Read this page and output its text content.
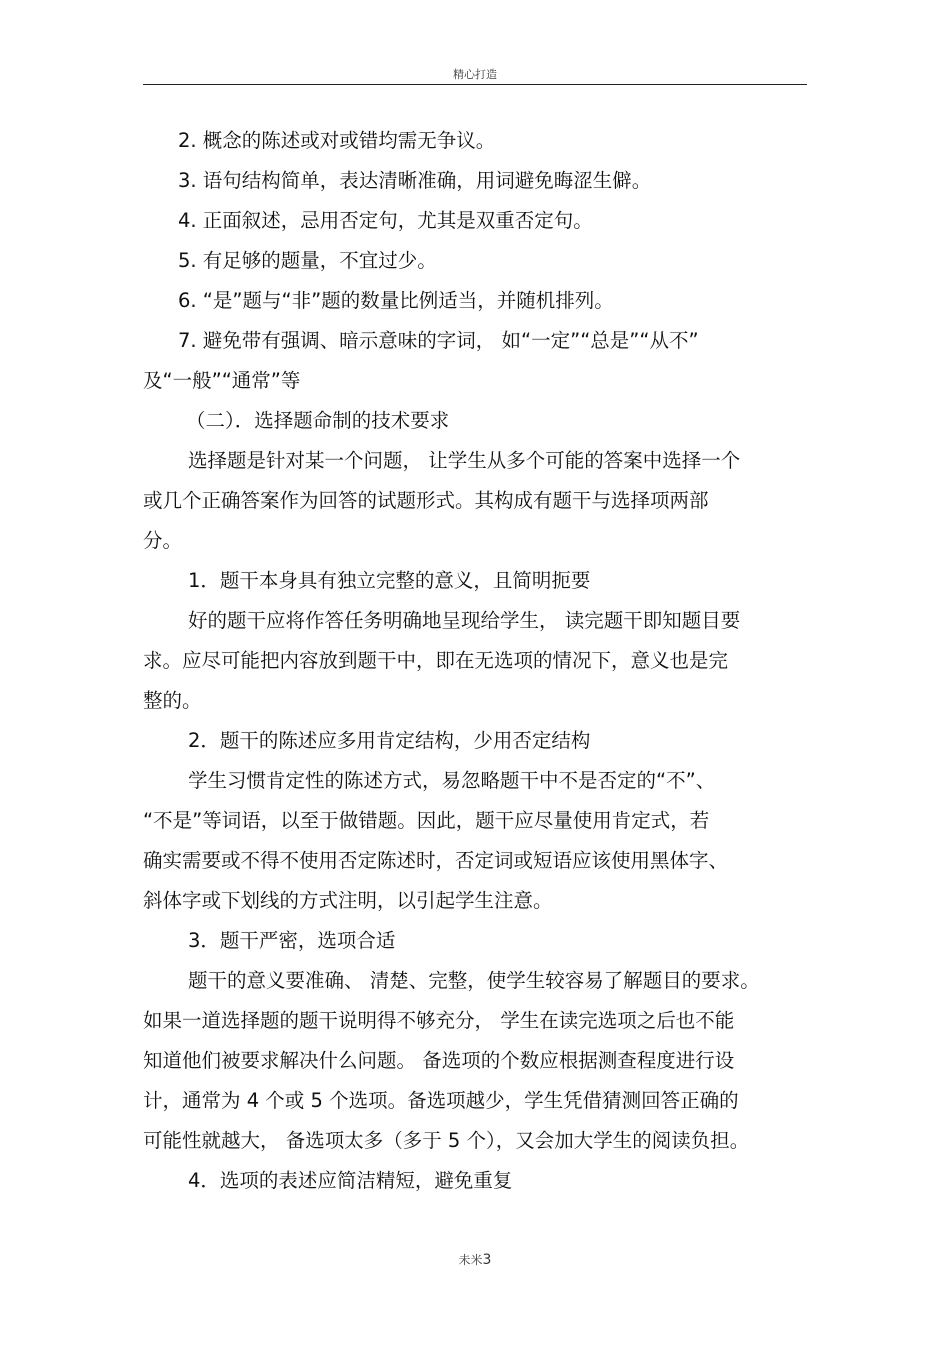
精心打造
2. 概念的陈述或对或错均需无争议。
3. 语句结构简单，表达清晰准确，用词避免晦涩生僻。
4. 正面叙述，忌用否定句，尤其是双重否定句。
5. 有足够的题量，不宜过少。
6. “是”题与“非”题的数量比例适当，并随机排列。
7. 避免带有强调、暗示意味的字词， 如“一定”“总是”“从不”
及“一般”“通常”等
（二）．选择题命制的技术要求
选择题是针对某一个问题， 让学生从多个可能的答案中选择一个
或几个正确答案作为回答的试题形式。其构成有题干与选择项两部
分。
1．题干本身具有独立完整的意义，且简明扼要
好的题干应将作答任务明确地呈现给学生， 读完题干即知题目要
求。应尽可能把内容放到题干中，即在无选项的情况下，意义也是完
整的。
2．题干的陈述应多用肯定结构，少用否定结构
学生习惯肯定性的陈述方式，易忽略题干中不是否定的“不”、
“不是”等词语，以至于做错题。因此，题干应尽量使用肯定式，若
确实需要或不得不使用否定陈述时，否定词或短语应该使用黑体字、
斜体字或下划线的方式注明，以引起学生注意。
3．题干严密，选项合适
题干的意义要准确、 清楚、完整，使学生较容易了解题目的要求。
如果一道选择题的题干说明得不够充分， 学生在读完选项之后也不能
知道他们被要求解决什么问题。 备选项的个数应根据测查程度进行设
计，通常为 4 个或 5 个选项。备选项越少，学生凭借猜测回答正确的
可能性就越大， 备选项太多（多于 5 个），又会加大学生的阅读负担。
4．选项的表述应简洁精短，避免重复
未米3
